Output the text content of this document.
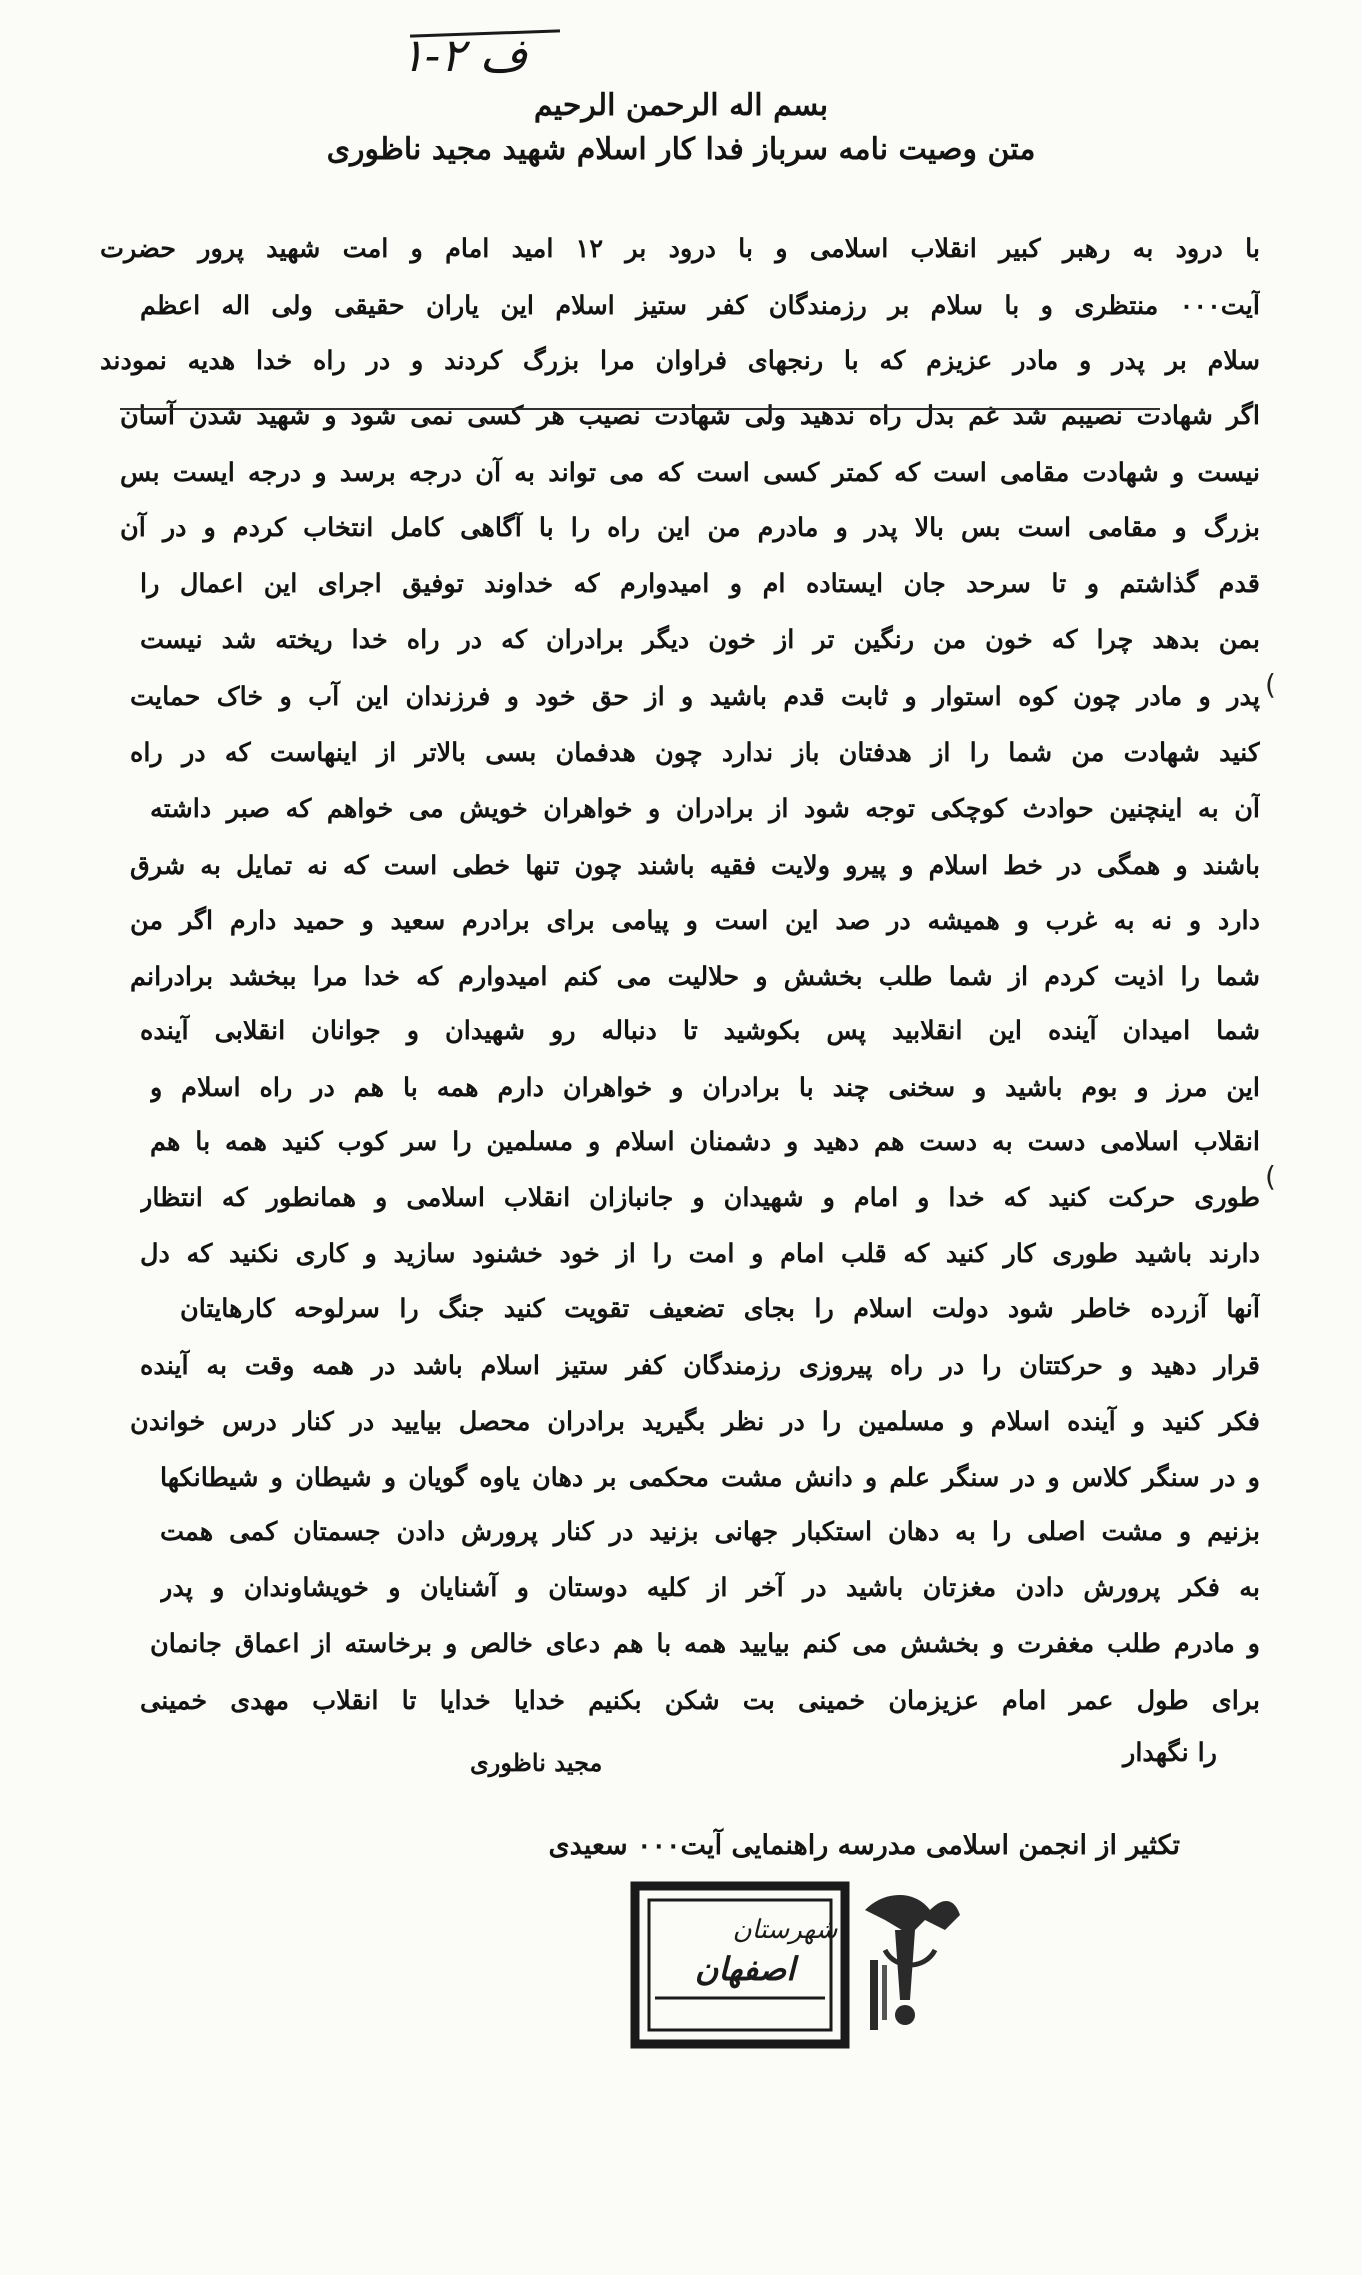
ف ۲-۱
بسم اله الرحمن الرحیم
متن وصیت نامه سرباز فدا کار اسلام شهید مجید ناظوری
با درود به رهبر کبیر انقلاب اسلامی و با درود بر ۱۲ امید امام و امت شهید پرور حضرت
آیت۰۰۰ منتظری و با سلام بر رزمندگان کفر ستیز اسلام این یاران حقیقی ولی اله اعظم
سلام بر پدر و مادر عزیزم که با رنجهای فراوان مرا بزرگ کردند و در راه خدا هدیه نمودند
اگر شهادت نصیبم شد غم بدل راه ندهید ولی شهادت نصیب هر کسی نمی شود و شهید شدن آسان
نیست و شهادت مقامی است که کمتر کسی است که می تواند به آن درجه برسد و درجه ایست بس
بزرگ و مقامی است بس بالا پدر و مادرم من این راه را با آگاهی کامل انتخاب کردم و در آن
قدم گذاشتم و تا سرحد جان ایستاده ام و امیدوارم که خداوند توفیق اجرای این اعمال را
بمن بدهد چرا که خون من رنگین تر از خون دیگر برادران که در راه خدا ریخته شد نیست
پدر و مادر چون کوه استوار و ثابت قدم باشید و از حق خود و فرزندان این آب و خاک حمایت
کنید شهادت من شما را از هدفتان باز ندارد چون هدفمان بسی بالاتر از اینهاست که در راه
آن به اینچنین حوادث کوچکی توجه شود از برادران و خواهران خویش می خواهم که صبر داشته
باشند و همگی در خط اسلام و پیرو ولایت فقیه باشند چون تنها خطی است که نه تمایل به شرق
دارد و نه به غرب و همیشه در صد این است و پیامی برای برادرم سعید و حمید دارم اگر من
شما را اذیت کردم از شما طلب بخشش و حلالیت می کنم امیدوارم که خدا مرا ببخشد برادرانم
شما امیدان آینده این انقلابید پس بکوشید تا دنباله رو شهیدان و جوانان انقلابی آینده
این مرز و بوم باشید و سخنی چند با برادران و خواهران دارم همه با هم در راه اسلام و
انقلاب اسلامی دست به دست هم دهید و دشمنان اسلام و مسلمین را سر کوب کنید همه با هم
طوری حرکت کنید که خدا و امام و شهیدان و جانبازان انقلاب اسلامی و همانطور که انتظار
دارند باشید طوری کار کنید که قلب امام و امت را از خود خشنود سازید و کاری نکنید که دل
آنها آزرده خاطر شود دولت اسلام را بجای تضعیف تقویت کنید جنگ را سرلوحه کارهایتان
قرار دهید و حرکتتان را در راه پیروزی رزمندگان کفر ستیز اسلام باشد در همه وقت به آینده
فکر کنید و آینده اسلام و مسلمین را در نظر بگیرید برادران محصل بیایید در کنار درس خواندن
و در سنگر کلاس و در سنگر علم و دانش مشت محکمی بر دهان یاوه گویان و شیطان و شیطانکها
بزنیم و مشت اصلی را به دهان استکبار جهانی بزنید در کنار پرورش دادن جسمتان کمی همت
به فکر پرورش دادن مغزتان باشید در آخر از کلیه دوستان و آشنایان و خویشاوندان و پدر
و مادرم طلب مغفرت و بخشش می کنم بیایید همه با هم دعای خالص و برخاسته از اعماق جانمان
برای طول عمر امام عزیزمان خمینی بت شکن بکنیم خدایا خدایا تا انقلاب مهدی خمینی
(
(
را نگهدار
مجید ناظوری
تکثیر از انجمن اسلامی مدرسه راهنمایی آیت۰۰۰ سعیدی
شهرستان
اصفهان
